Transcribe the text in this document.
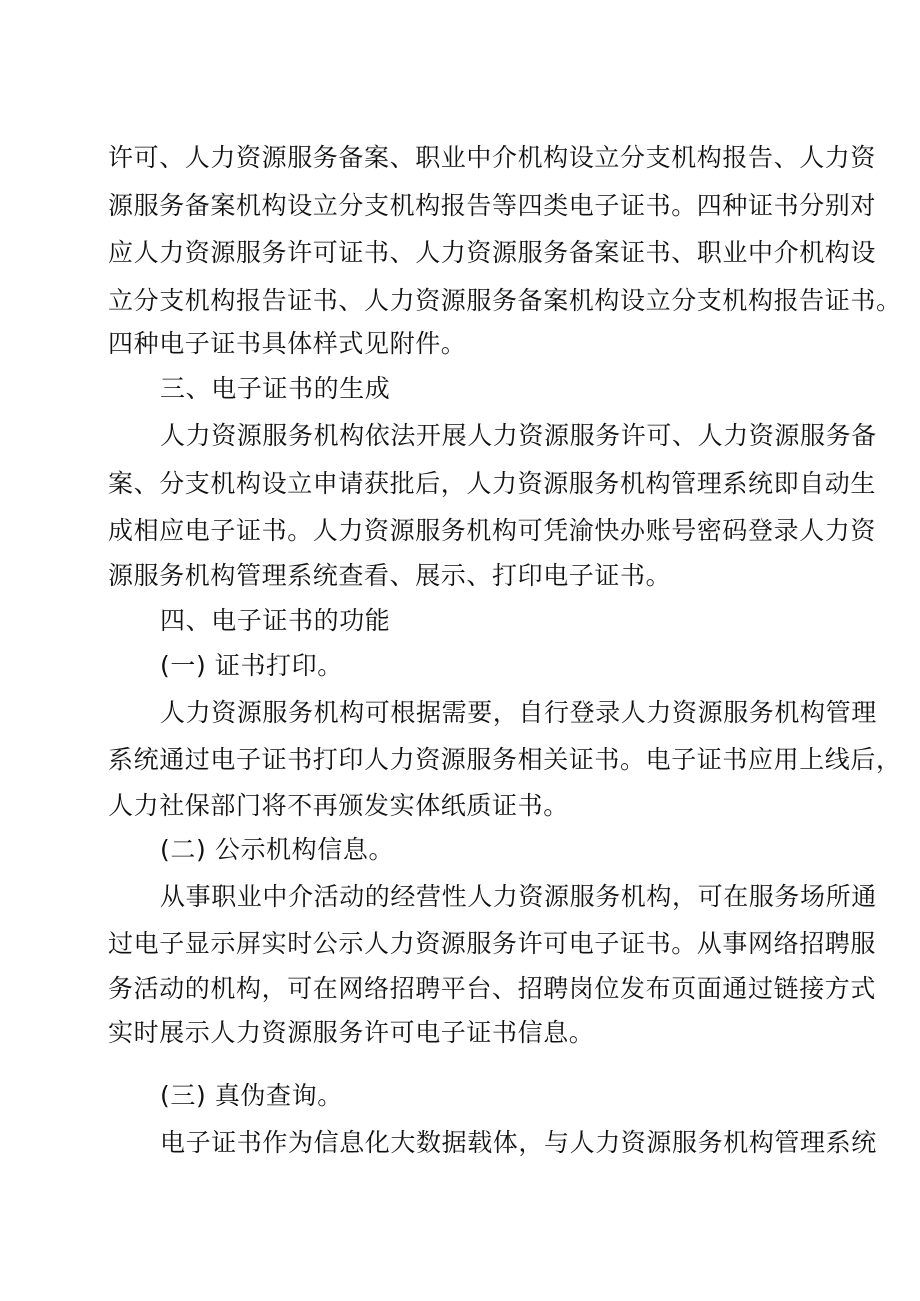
许可、人力资源服务备案、职业中介机构设立分支机构报告、人力资
源服务备案机构设立分支机构报告等四类电子证书。四种证书分别对
应人力资源服务许可证书、人力资源服务备案证书、职业中介机构设
立分支机构报告证书、人力资源服务备案机构设立分支机构报告证书。
四种电子证书具体样式见附件。
三、电子证书的生成
人力资源服务机构依法开展人力资源服务许可、人力资源服务备
案、分支机构设立申请获批后，人力资源服务机构管理系统即自动生
成相应电子证书。人力资源服务机构可凭渝快办账号密码登录人力资
源服务机构管理系统查看、展示、打印电子证书。
四、电子证书的功能
(一) 证书打印。
人力资源服务机构可根据需要，自行登录人力资源服务机构管理
系统通过电子证书打印人力资源服务相关证书。电子证书应用上线后，
人力社保部门将不再颁发实体纸质证书。
(二) 公示机构信息。
从事职业中介活动的经营性人力资源服务机构，可在服务场所通
过电子显示屏实时公示人力资源服务许可电子证书。从事网络招聘服
务活动的机构，可在网络招聘平台、招聘岗位发布页面通过链接方式
实时展示人力资源服务许可电子证书信息。
(三) 真伪查询。
电子证书作为信息化大数据载体，与人力资源服务机构管理系统
